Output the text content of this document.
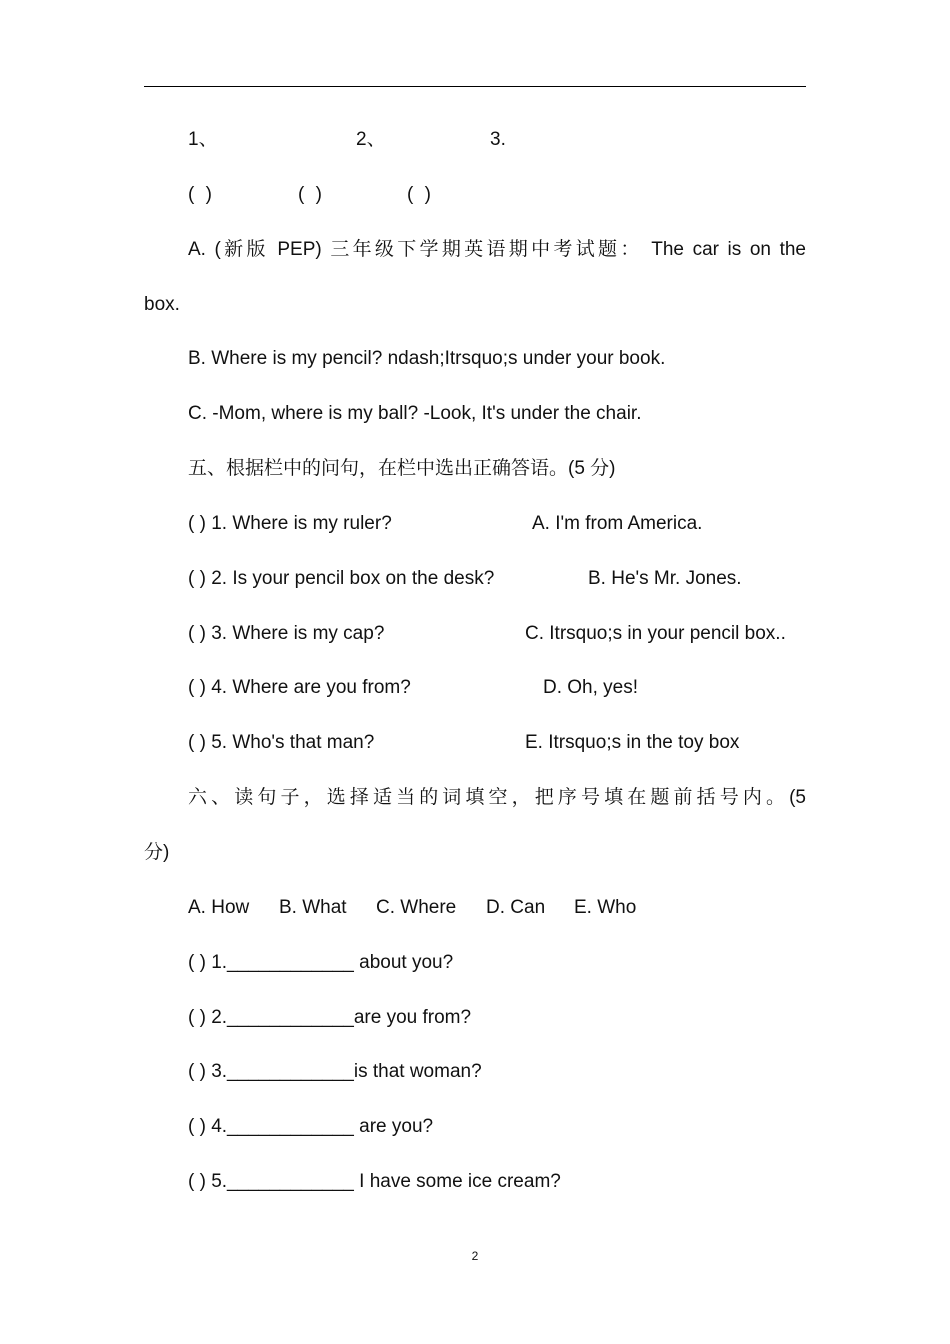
1、	2、	3.
( )	( )	( )
A. (新版 PEP) 三年级下学期英语期中考试题： The car is on the
box.
B. Where is my pencil? ndash;Itrsquo;s under your book.
C. -Mom, where is my ball? -Look, It's under the chair.
五、根据栏中的问句，在栏中选出正确答语。(5 分)
( ) 1. Where is my ruler?	A. I'm from America.
( ) 2. Is your pencil box on the desk?	B. He's Mr. Jones.
( ) 3. Where is my cap?	C. Itrsquo;s in your pencil box..
( ) 4. Where are you from?	D. Oh, yes!
( ) 5. Who's that man?	E. Itrsquo;s in the toy box
六、读句子，选择适当的词填空，把序号填在题前括号内。(5
分)
A. How B. What C. Where D. Can E. Who
( ) 1.____________ about you?
( ) 2.____________are you from?
( ) 3.____________is that woman?
( ) 4.____________ are you?
( ) 5.____________ I have some ice cream?
2
